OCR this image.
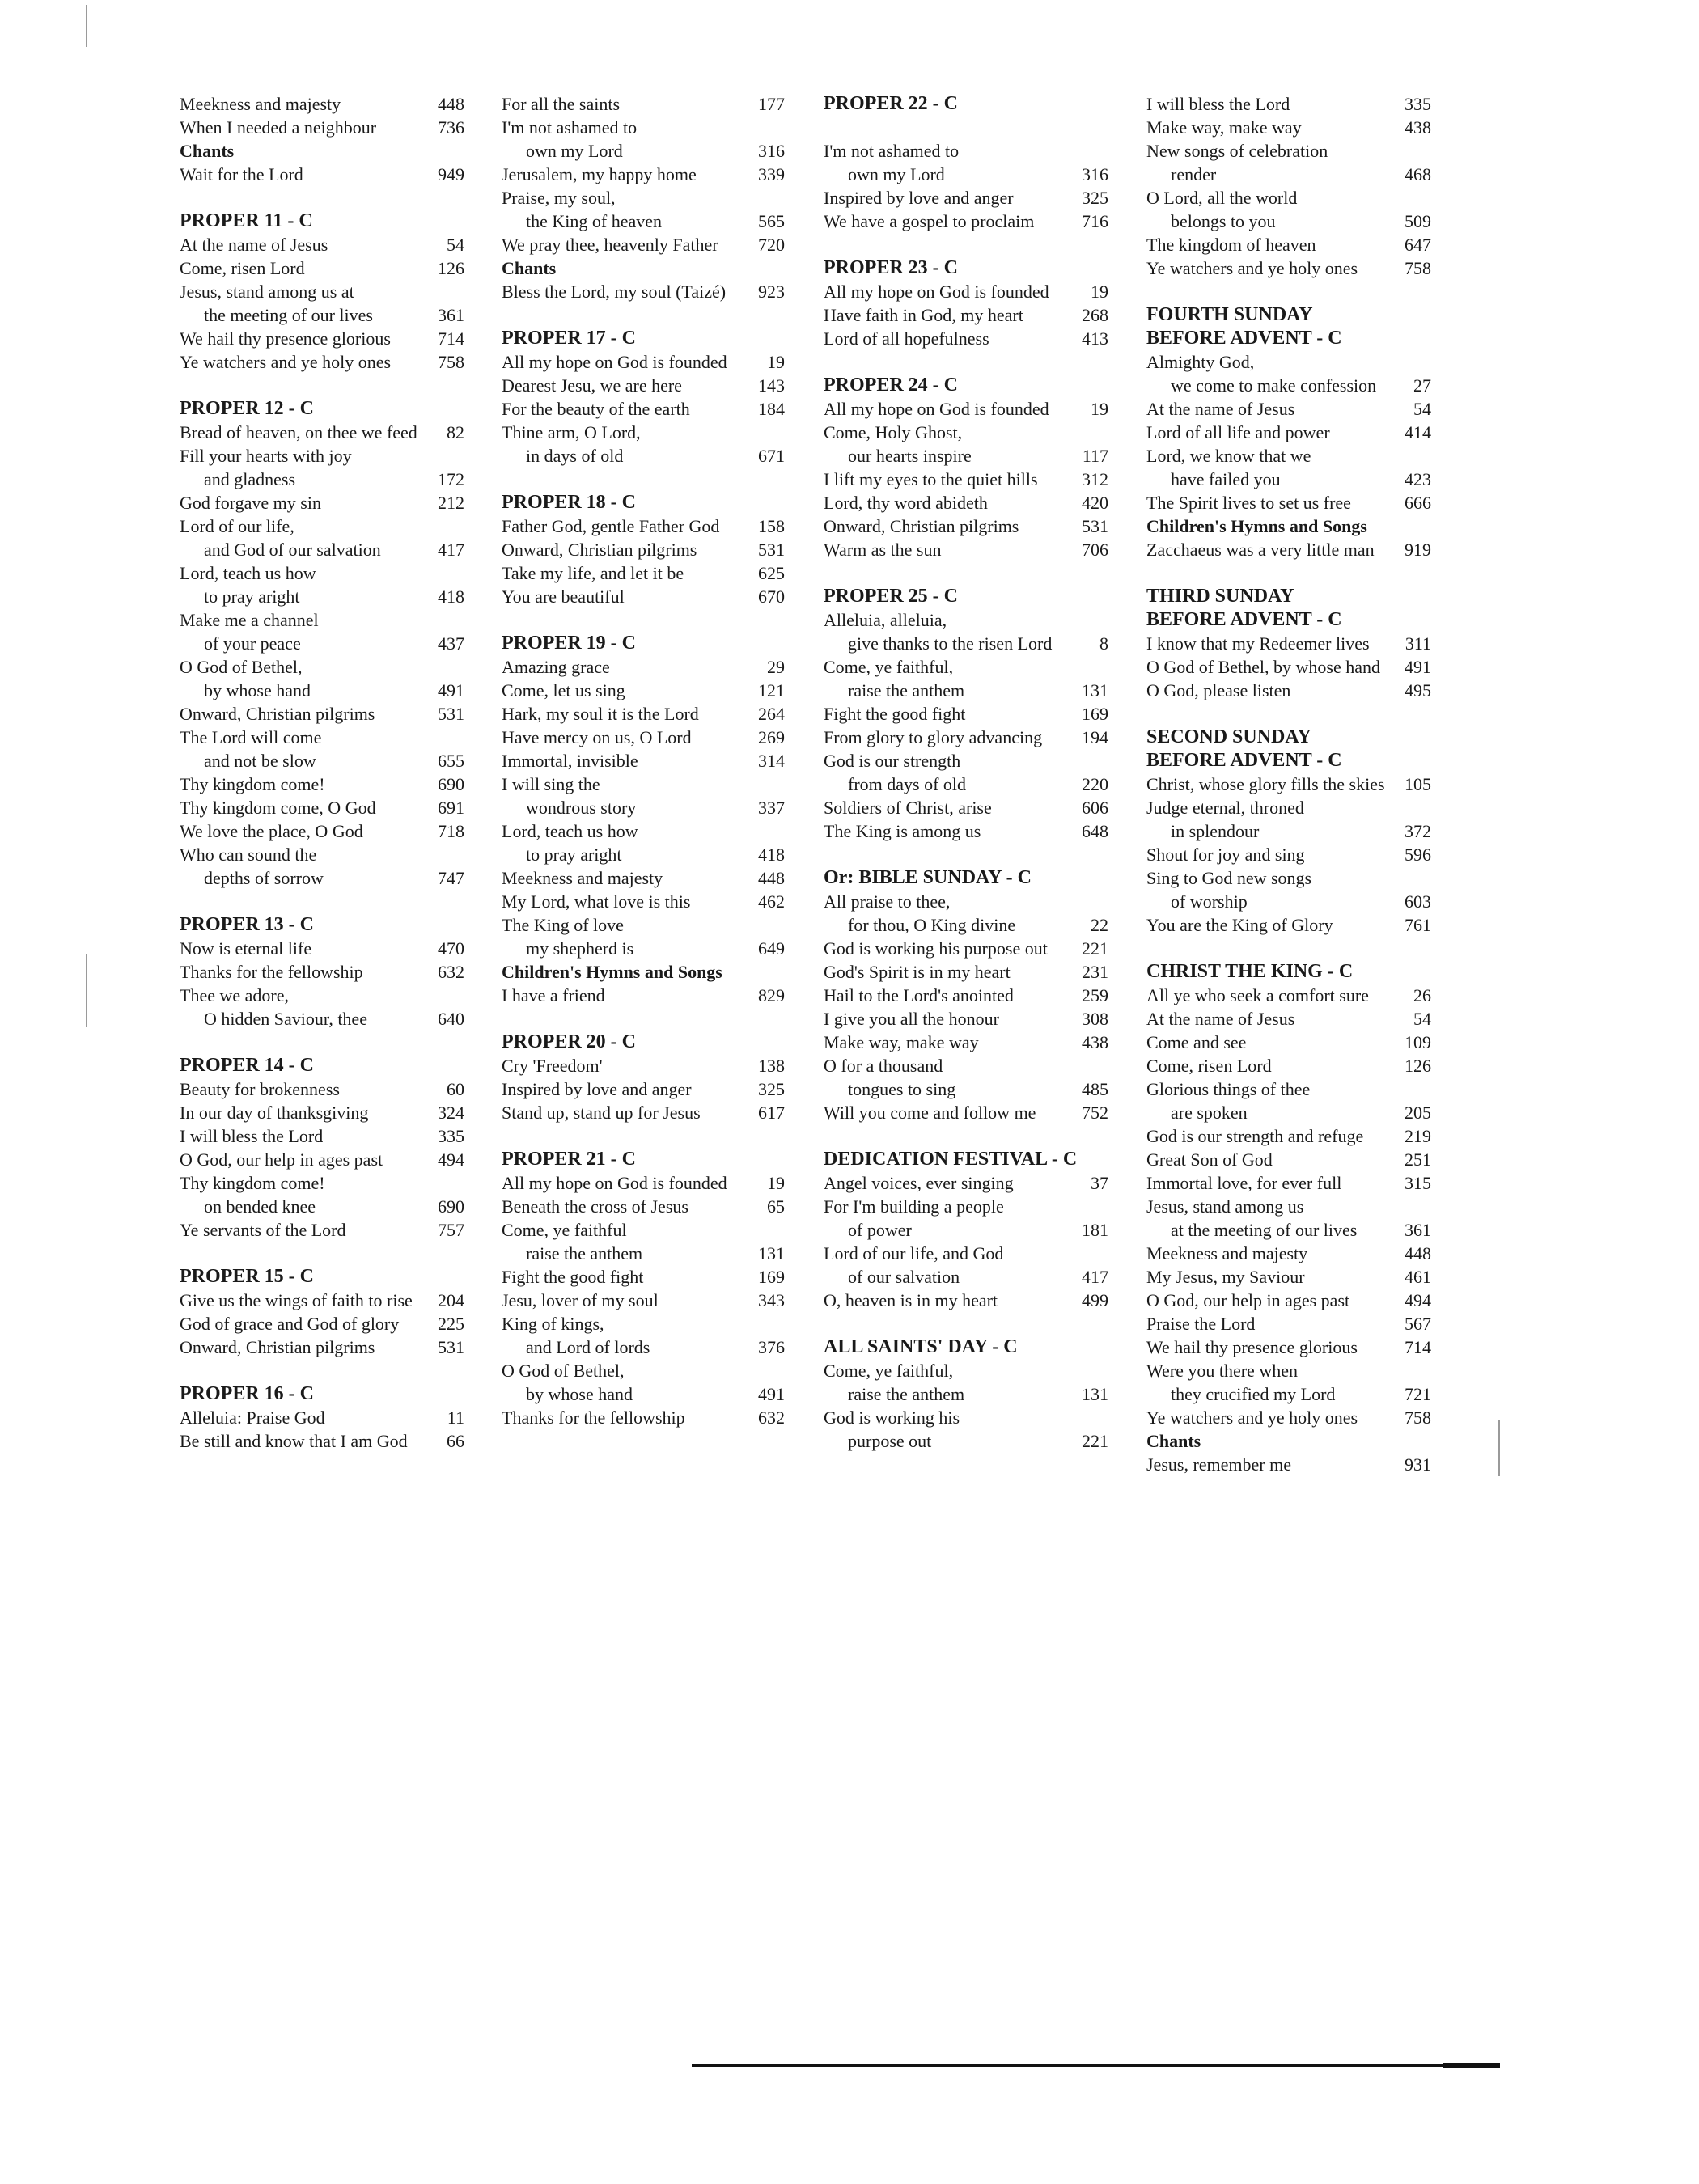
Meekness and majesty	448
When I needed a neighbour	736
Chants
Wait for the Lord	949
PROPER 11 - C
At the name of Jesus	54
Come, risen Lord	126
Jesus, stand among us at
the meeting of our lives	361
We hail thy presence glorious	714
Ye watchers and ye holy ones	758
PROPER 12 - C
Bread of heaven, on thee we feed	82
Fill your hearts with joy
and gladness	172
God forgave my sin	212
Lord of our life,
and God of our salvation	417
Lord, teach us how
to pray aright	418
Make me a channel
of your peace	437
O God of Bethel,
by whose hand	491
Onward, Christian pilgrims	531
The Lord will come
and not be slow	655
Thy kingdom come!	690
Thy kingdom come, O God	691
We love the place, O God	718
Who can sound the
depths of sorrow	747
PROPER 13 - C
Now is eternal life	470
Thanks for the fellowship	632
Thee we adore,
O hidden Saviour, thee	640
PROPER 14 - C
Beauty for brokenness	60
In our day of thanksgiving	324
I will bless the Lord	335
O God, our help in ages past	494
Thy kingdom come!
on bended knee	690
Ye servants of the Lord	757
PROPER 15 - C
Give us the wings of faith to rise	204
God of grace and God of glory	225
Onward, Christian pilgrims	531
PROPER 16 - C
Alleluia: Praise God	11
Be still and know that I am God	66
For all the saints	177
I'm not ashamed to
own my Lord	316
Jerusalem, my happy home	339
Praise, my soul,
the King of heaven	565
We pray thee, heavenly Father	720
Chants
Bless the Lord, my soul (Taizé)	923
PROPER 17 - C
All my hope on God is founded	19
Dearest Jesu, we are here	143
For the beauty of the earth	184
Thine arm, O Lord,
in days of old	671
PROPER 18 - C
Father God, gentle Father God	158
Onward, Christian pilgrims	531
Take my life, and let it be	625
You are beautiful	670
PROPER 19 - C
Amazing grace	29
Come, let us sing	121
Hark, my soul it is the Lord	264
Have mercy on us, O Lord	269
Immortal, invisible	314
I will sing the
wondrous story	337
Lord, teach us how
to pray aright	418
Meekness and majesty	448
My Lord, what love is this	462
The King of love
my shepherd is	649
Children's Hymns and Songs
I have a friend	829
PROPER 20 - C
Cry 'Freedom'	138
Inspired by love and anger	325
Stand up, stand up for Jesus	617
PROPER 21 - C
All my hope on God is founded	19
Beneath the cross of Jesus	65
Come, ye faithful
raise the anthem	131
Fight the good fight	169
Jesu, lover of my soul	343
King of kings,
and Lord of lords	376
O God of Bethel,
by whose hand	491
Thanks for the fellowship	632
PROPER 22 - C
I'm not ashamed to
own my Lord	316
Inspired by love and anger	325
We have a gospel to proclaim	716
PROPER 23 - C
All my hope on God is founded	19
Have faith in God, my heart	268
Lord of all hopefulness	413
PROPER 24 - C
All my hope on God is founded	19
Come, Holy Ghost,
our hearts inspire	117
I lift my eyes to the quiet hills	312
Lord, thy word abideth	420
Onward, Christian pilgrims	531
Warm as the sun	706
PROPER 25 - C
Alleluia, alleluia,
give thanks to the risen Lord	8
Come, ye faithful,
raise the anthem	131
Fight the good fight	169
From glory to glory advancing	194
God is our strength
from days of old	220
Soldiers of Christ, arise	606
The King is among us	648
Or: BIBLE SUNDAY - C
All praise to thee,
for thou, O King divine	22
God is working his purpose out	221
God's Spirit is in my heart	231
Hail to the Lord's anointed	259
I give you all the honour	308
Make way, make way	438
O for a thousand
tongues to sing	485
Will you come and follow me	752
DEDICATION FESTIVAL - C
Angel voices, ever singing	37
For I'm building a people
of power	181
Lord of our life, and God
of our salvation	417
O, heaven is in my heart	499
ALL SAINTS' DAY - C
Come, ye faithful,
raise the anthem	131
God is working his
purpose out	221
I will bless the Lord	335
Make way, make way	438
New songs of celebration
render	468
O Lord, all the world
belongs to you	509
The kingdom of heaven	647
Ye watchers and ye holy ones	758
FOURTH SUNDAY
BEFORE ADVENT - C
Almighty God,
we come to make confession	27
At the name of Jesus	54
Lord of all life and power	414
Lord, we know that we
have failed you	423
The Spirit lives to set us free	666
Children's Hymns and Songs
Zacchaeus was a very little man	919
THIRD SUNDAY
BEFORE ADVENT - C
I know that my Redeemer lives	311
O God of Bethel, by whose hand	491
O God, please listen	495
SECOND SUNDAY
BEFORE ADVENT - C
Christ, whose glory fills the skies	105
Judge eternal, throned
in splendour	372
Shout for joy and sing	596
Sing to God new songs
of worship	603
You are the King of Glory	761
CHRIST THE KING - C
All ye who seek a comfort sure	26
At the name of Jesus	54
Come and see	109
Come, risen Lord	126
Glorious things of thee
are spoken	205
God is our strength and refuge	219
Great Son of God	251
Immortal love, for ever full	315
Jesus, stand among us
at the meeting of our lives	361
Meekness and majesty	448
My Jesus, my Saviour	461
O God, our help in ages past	494
Praise the Lord	567
We hail thy presence glorious	714
Were you there when
they crucified my Lord	721
Ye watchers and ye holy ones	758
Chants
Jesus, remember me	931
